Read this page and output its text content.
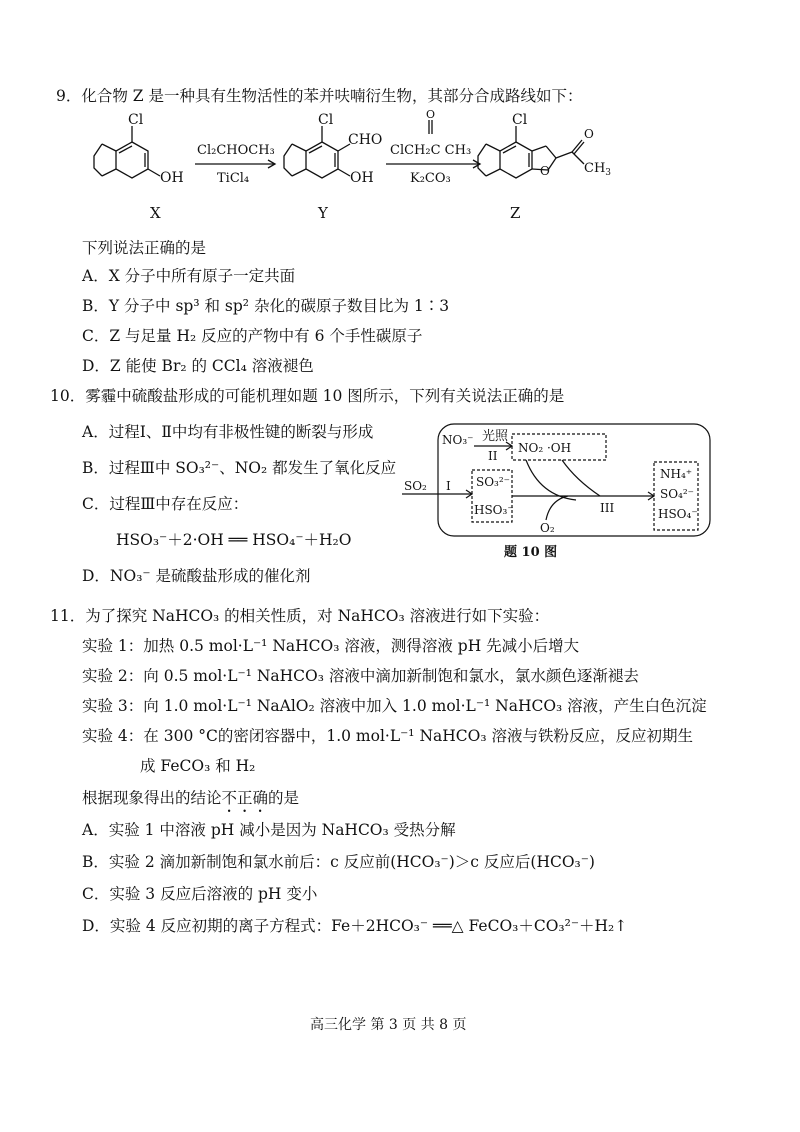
9．化合物 Z 是一种具有生物活性的苯并呋喃衍生物，其部分合成路线如下：
Cl
OH
Cl
CHO
OH
Cl
O
O
$CH_3$
Cl₂CHOCH₃
TiCl₄
ClCH₂C CH₃
O
K₂CO₃
X	Y	Z
下列说法正确的是
A．X 分子中所有原子一定共面
B．Y 分子中 sp³ 和 sp² 杂化的碳原子数目比为 1∶3
C．Z 与足量 H₂ 反应的产物中有 6 个手性碳原子
D．Z 能使 Br₂ 的 CCl₄ 溶液褪色
10．雾霾中硫酸盐形成的可能机理如题 10 图所示，下列有关说法正确的是
A．过程Ⅰ、Ⅱ中均有非极性键的断裂与形成
B．过程Ⅲ中 SO₃²⁻、NO₂ 都发生了氧化反应
C．过程Ⅲ中存在反应：
HSO₃⁻＋2·OH ══ HSO₄⁻＋H₂O
D．NO₃⁻ 是硫酸盐形成的催化剂
NO₃⁻ 光照
II
NO₂ ·OH
SO₂ I SO₃²⁻
HSO₃⁻	III
O₂
NH₄⁺
SO₄²⁻
HSO₄⁻
题 10 图
11．为了探究 NaHCO₃ 的相关性质，对 NaHCO₃ 溶液进行如下实验：
实验 1：加热 0.5 mol·L⁻¹ NaHCO₃ 溶液，测得溶液 pH 先减小后增大
实验 2：向 0.5 mol·L⁻¹ NaHCO₃ 溶液中滴加新制饱和氯水，氯水颜色逐渐褪去
实验 3：向 1.0 mol·L⁻¹ NaAlO₂ 溶液中加入 1.0 mol·L⁻¹ NaHCO₃ 溶液，产生白色沉淀
实验 4：在 300 °C的密闭容器中，1.0 mol·L⁻¹ NaHCO₃ 溶液与铁粉反应，反应初期生
成 FeCO₃ 和 H₂
根据现象得出的结论不正确的是
A．实验 1 中溶液 pH 减小是因为 NaHCO₃ 受热分解
B．实验 2 滴加新制饱和氯水前后：c 反应前(HCO₃⁻)＞c 反应后(HCO₃⁻)
C．实验 3 反应后溶液的 pH 变小
D．实验 4 反应初期的离子方程式：Fe＋2HCO₃⁻ ══△ FeCO₃＋CO₃²⁻＋H₂↑
高三化学 第 3 页 共 8 页
